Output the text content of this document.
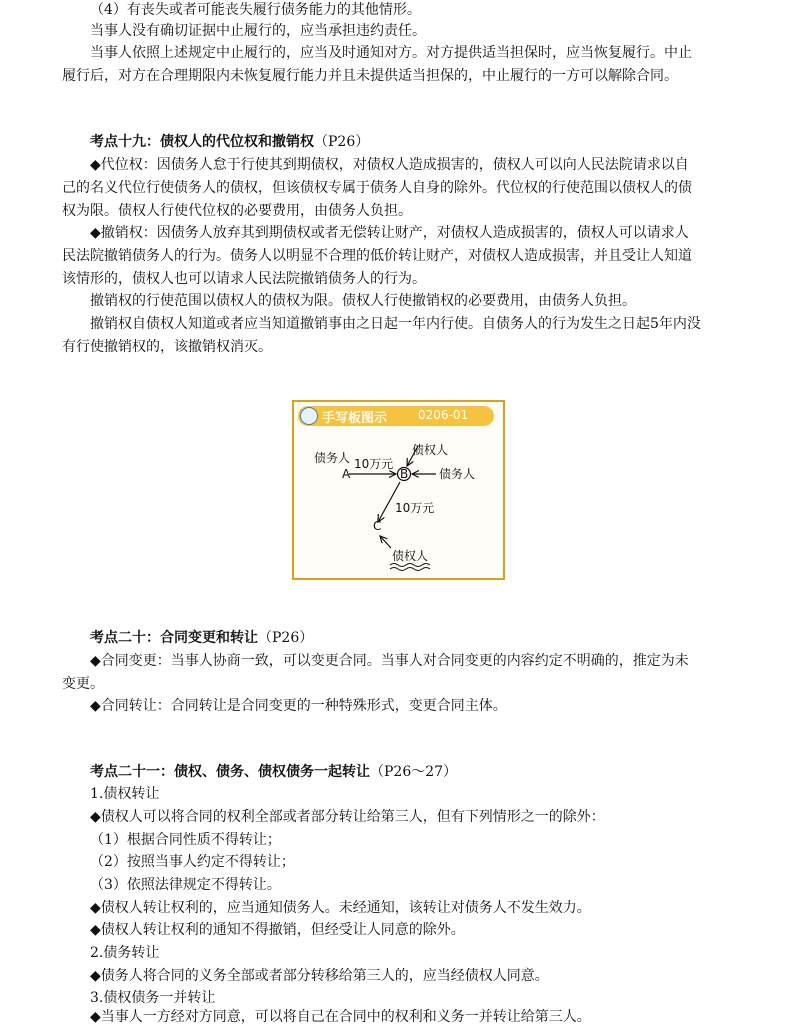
（4）有丧失或者可能丧失履行债务能力的其他情形。
当事人没有确切证据中止履行的，应当承担违约责任。
当事人依照上述规定中止履行的，应当及时通知对方。对方提供适当担保时，应当恢复履行。中止
履行后，对方在合理期限内未恢复履行能力并且未提供适当担保的，中止履行的一方可以解除合同。
考点十九：债权人的代位权和撤销权（P26）
◆代位权：因债务人怠于行使其到期债权，对债权人造成损害的，债权人可以向人民法院请求以自
己的名义代位行使债务人的债权，但该债权专属于债务人自身的除外。代位权的行使范围以债权人的债
权为限。债权人行使代位权的必要费用，由债务人负担。
◆撤销权：因债务人放弃其到期债权或者无偿转让财产，对债权人造成损害的，债权人可以请求人
民法院撤销债务人的行为。债务人以明显不合理的低价转让财产，对债权人造成损害，并且受让人知道
该情形的，债权人也可以请求人民法院撤销债务人的行为。
撤销权的行使范围以债权人的债权为限。债权人行使撤销权的必要费用，由债务人负担。
撤销权自债权人知道或者应当知道撤销事由之日起一年内行使。自债务人的行为发生之日起5年内没
有行使撤销权的，该撤销权消灭。
手写板图示	0206-01
B
A
C
债务人 10万元
债权人
债务人
10万元
债权人
考点二十：合同变更和转让（P26）
◆合同变更：当事人协商一致，可以变更合同。当事人对合同变更的内容约定不明确的，推定为未
变更。
◆合同转让：合同转让是合同变更的一种特殊形式，变更合同主体。
考点二十一：债权、债务、债权债务一起转让（P26～27）
1.债权转让
◆债权人可以将合同的权利全部或者部分转让给第三人，但有下列情形之一的除外：
（1）根据合同性质不得转让；
（2）按照当事人约定不得转让；
（3）依照法律规定不得转让。
◆债权人转让权利的，应当通知债务人。未经通知，该转让对债务人不发生效力。
◆债权人转让权利的通知不得撤销，但经受让人同意的除外。
2.债务转让
◆债务人将合同的义务全部或者部分转移给第三人的，应当经债权人同意。
3.债权债务一并转让
◆当事人一方经对方同意，可以将自己在合同中的权利和义务一并转让给第三人。
